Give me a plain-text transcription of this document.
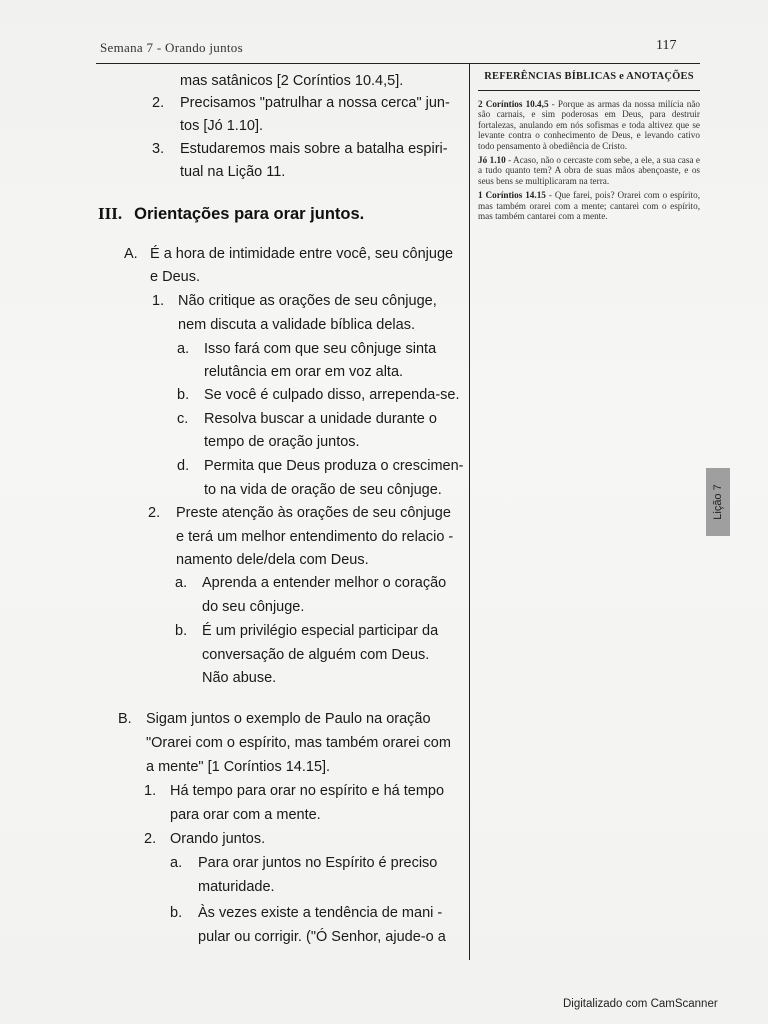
Semana 7 - Orando juntos	117
mas satânicos [2 Coríntios 10.4,5].
2. Precisamos "patrulhar a nossa cerca" jun-
tos [Jó 1.10].
3. Estudaremos mais sobre a batalha espiri-
tual na Lição 11.
III. Orientações para orar juntos.
A. É a hora de intimidade entre você, seu cônjuge
e Deus.
1. Não critique as orações de seu cônjuge,
nem discuta a validade bíblica delas.
a. Isso fará com que seu cônjuge sinta
relutância em orar em voz alta.
b. Se você é culpado disso, arrependa-se.
c. Resolva buscar a unidade durante o
tempo de oração juntos.
d. Permita que Deus produza o crescimen-
to na vida de oração de seu cônjuge.
2. Preste atenção às orações de seu cônjuge
e terá um melhor entendimento do relacio -
namento dele/dela com Deus.
a. Aprenda a entender melhor o coração
do seu cônjuge.
b. É um privilégio especial participar da
conversação de alguém com Deus.
Não abuse.
B. Sigam juntos o exemplo de Paulo na oração
"Orarei com o espírito, mas também orarei com
a mente" [1 Coríntios 14.15].
1. Há tempo para orar no espírito e há tempo
para orar com a mente.
2. Orando juntos.
a. Para orar juntos no Espírito é preciso
maturidade.
b. Às vezes existe a tendência de mani -
pular ou corrigir. ("Ó Senhor, ajude-o a
REFERÊNCIAS BÍBLICAS e ANOTAÇÕES
2 Coríntios 10.4,5 - Porque as armas da nossa milícia não são carnais, e sim poderosas em Deus, para destruir fortalezas, anulando em nós sofismas e toda altivez que se levante contra o conhecimento de Deus, e levando cativo todo pensamento à obediência de Cristo.
Jó 1.10 - Acaso, não o cercaste com sebe, a ele, a sua casa e a tudo quanto tem? A obra de suas mãos abençoaste, e os seus bens se multiplicaram na terra.
1 Coríntios 14.15 - Que farei, pois? Orarei com o espírito, mas também orarei com a mente; cantarei com o espírito, mas também cantarei com a mente.
Lição 7
Digitalizado com CamScanner
